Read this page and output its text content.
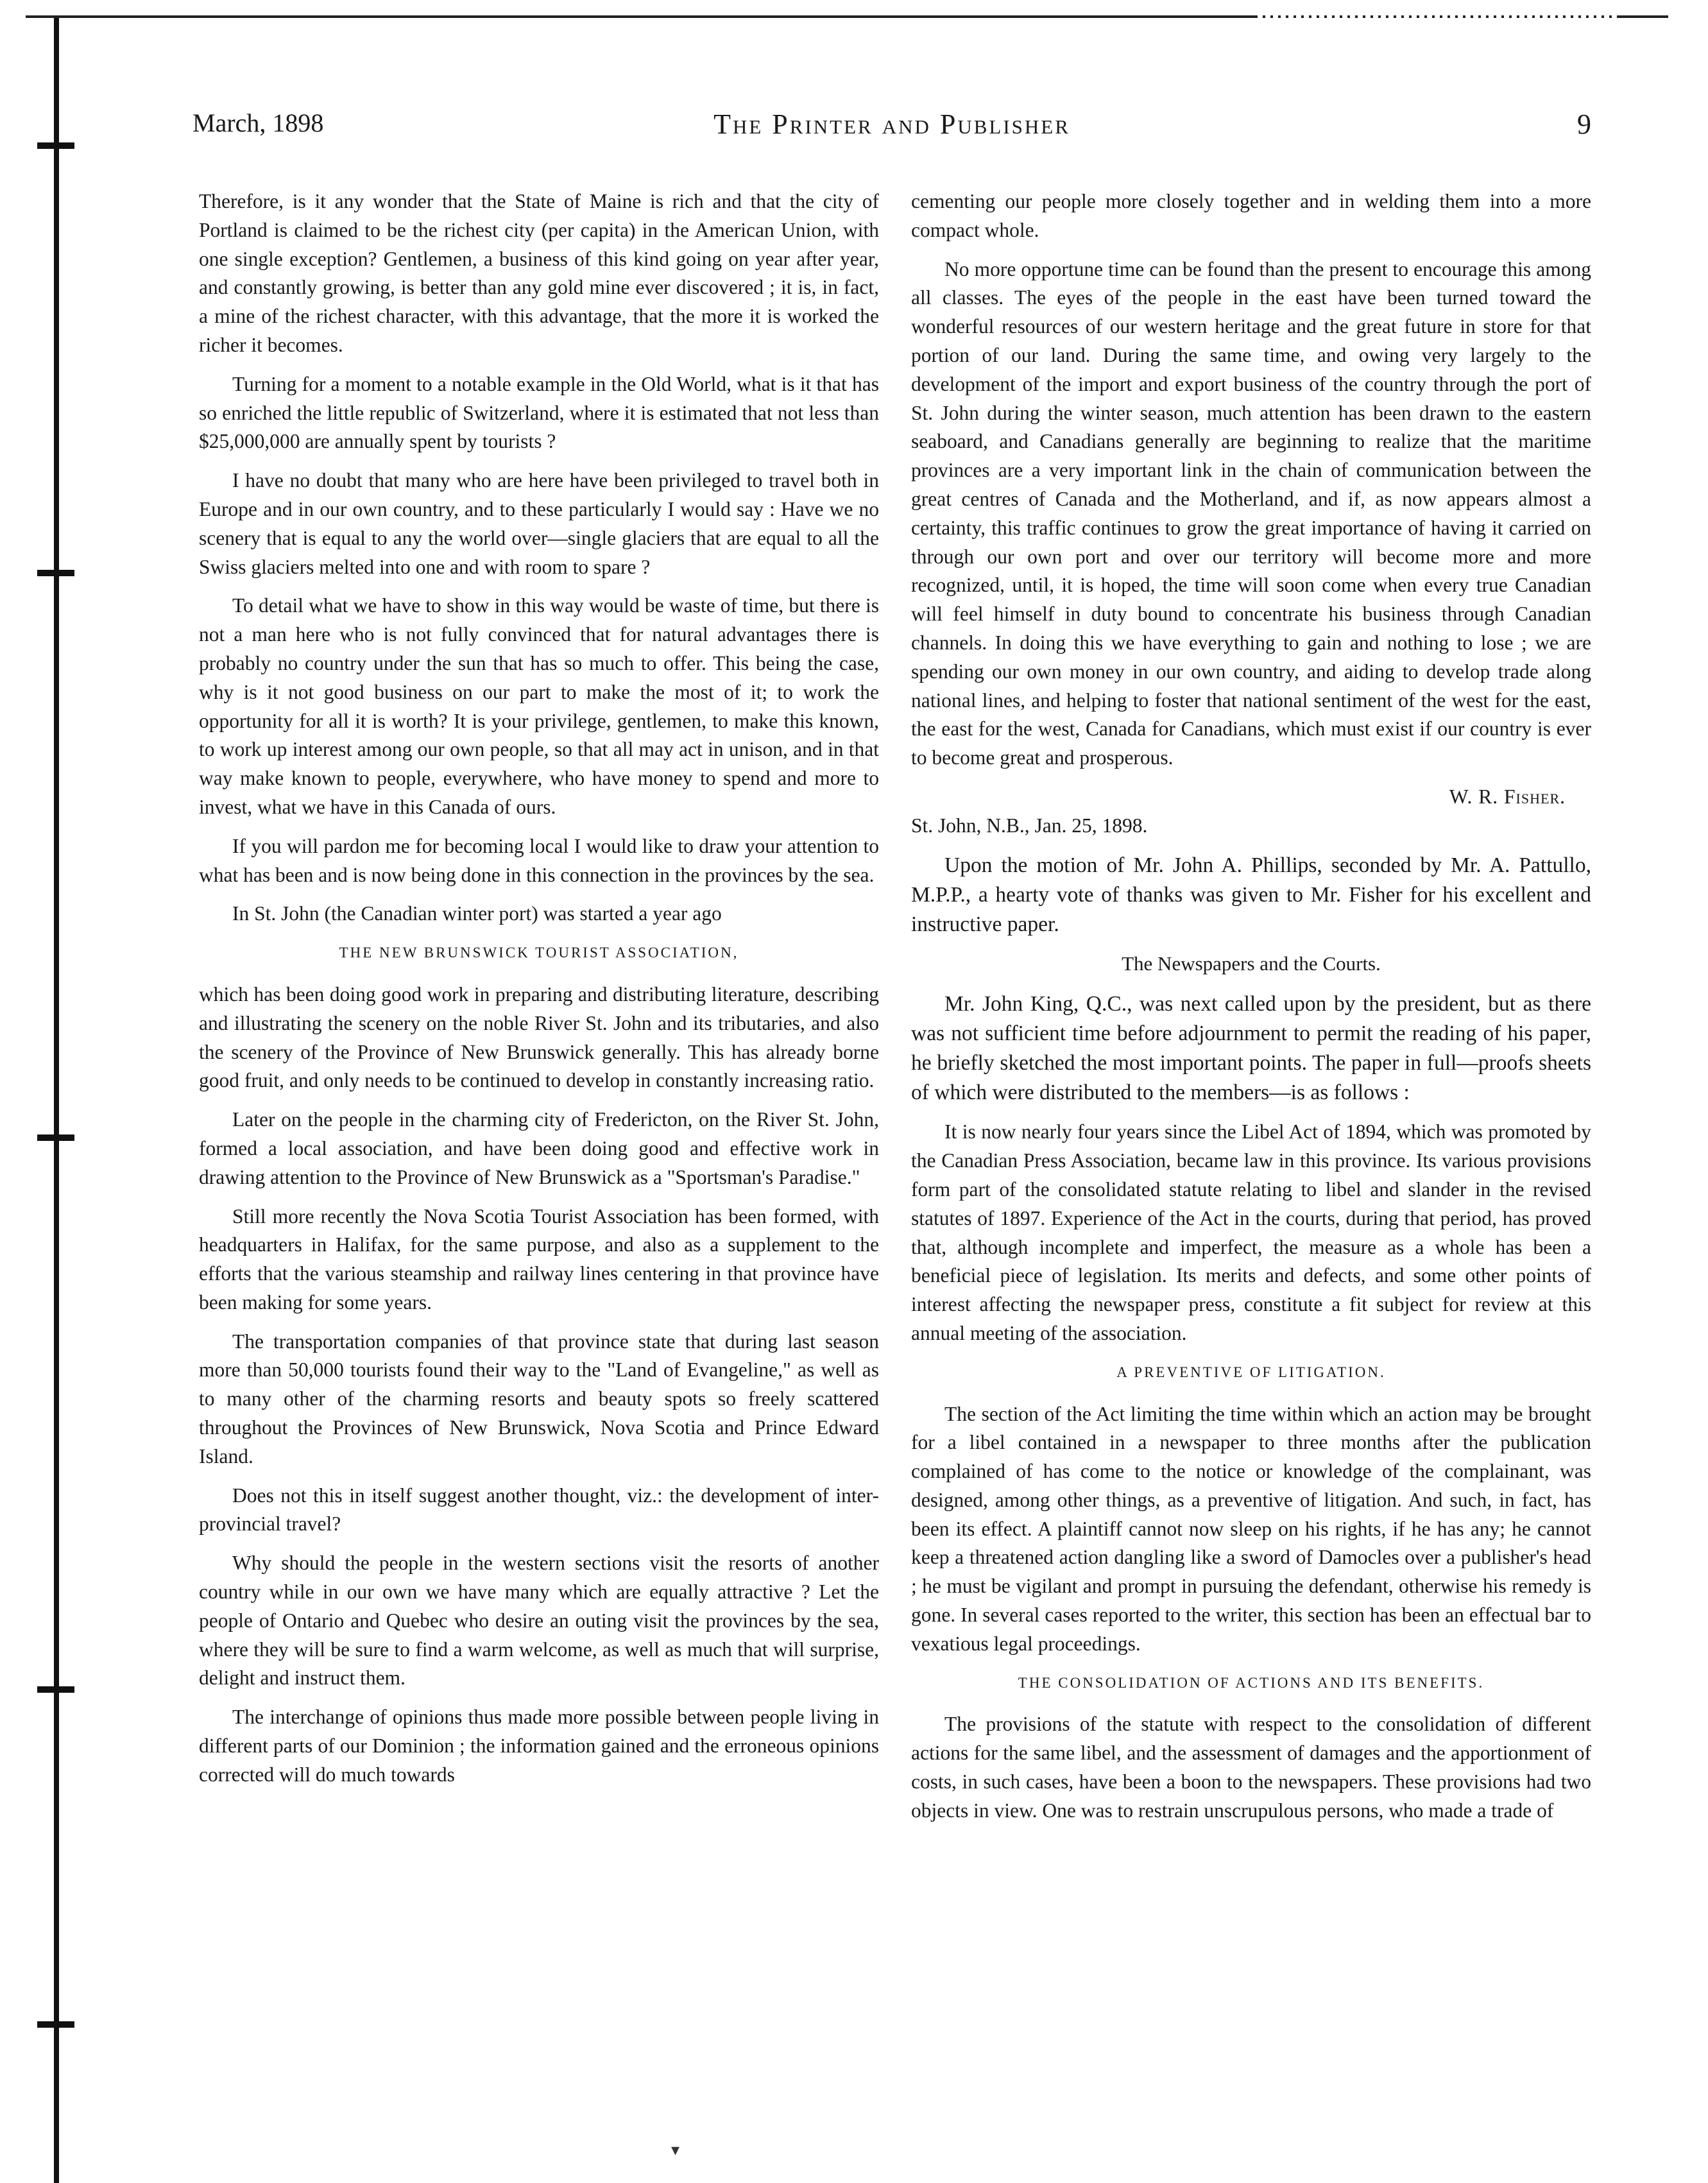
March, 1898	The Printer and Publisher	9

Therefore, is it any wonder that the State of Maine is rich and that the city of Portland is claimed to be the richest city (per capita) in the American Union, with one single exception? Gentlemen, a business of this kind going on year after year, and constantly growing, is better than any gold mine ever discovered ; it is, in fact, a mine of the richest character, with this advantage, that the more it is worked the richer it becomes.

Turning for a moment to a notable example in the Old World, what is it that has so enriched the little republic of Switzerland, where it is estimated that not less than $25,000,000 are annually spent by tourists ?

I have no doubt that many who are here have been privileged to travel both in Europe and in our own country, and to these particularly I would say : Have we no scenery that is equal to any the world over—single glaciers that are equal to all the Swiss glaciers melted into one and with room to spare ?

To detail what we have to show in this way would be waste of time, but there is not a man here who is not fully convinced that for natural advantages there is probably no country under the sun that has so much to offer. This being the case, why is it not good business on our part to make the most of it; to work the opportunity for all it is worth? It is your privilege, gentlemen, to make this known, to work up interest among our own people, so that all may act in unison, and in that way make known to people, everywhere, who have money to spend and more to invest, what we have in this Canada of ours.

If you will pardon me for becoming local I would like to draw your attention to what has been and is now being done in this connection in the provinces by the sea.

In St. John (the Canadian winter port) was started a year ago

THE NEW BRUNSWICK TOURIST ASSOCIATION,

which has been doing good work in preparing and distributing literature, describing and illustrating the scenery on the noble River St. John and its tributaries, and also the scenery of the Province of New Brunswick generally. This has already borne good fruit, and only needs to be continued to develop in constantly increasing ratio.

Later on the people in the charming city of Fredericton, on the River St. John, formed a local association, and have been doing good and effective work in drawing attention to the Province of New Brunswick as a "Sportsman's Paradise."

Still more recently the Nova Scotia Tourist Association has been formed, with headquarters in Halifax, for the same purpose, and also as a supplement to the efforts that the various steamship and railway lines centering in that province have been making for some years.

The transportation companies of that province state that during last season more than 50,000 tourists found their way to the "Land of Evangeline," as well as to many other of the charming resorts and beauty spots so freely scattered throughout the Provinces of New Brunswick, Nova Scotia and Prince Edward Island.

Does not this in itself suggest another thought, viz.: the development of inter-provincial travel?

Why should the people in the western sections visit the resorts of another country while in our own we have many which are equally attractive ? Let the people of Ontario and Quebec who desire an outing visit the provinces by the sea, where they will be sure to find a warm welcome, as well as much that will surprise, delight and instruct them.

The interchange of opinions thus made more possible between people living in different parts of our Dominion ; the information gained and the erroneous opinions corrected will do much towards

cementing our people more closely together and in welding them into a more compact whole.

No more opportune time can be found than the present to encourage this among all classes. The eyes of the people in the east have been turned toward the wonderful resources of our western heritage and the great future in store for that portion of our land. During the same time, and owing very largely to the development of the import and export business of the country through the port of St. John during the winter season, much attention has been drawn to the eastern seaboard, and Canadians generally are beginning to realize that the maritime provinces are a very important link in the chain of communication between the great centres of Canada and the Motherland, and if, as now appears almost a certainty, this traffic continues to grow the great importance of having it carried on through our own port and over our territory will become more and more recognized, until, it is hoped, the time will soon come when every true Canadian will feel himself in duty bound to concentrate his business through Canadian channels. In doing this we have everything to gain and nothing to lose ; we are spending our own money in our own country, and aiding to develop trade along national lines, and helping to foster that national sentiment of the west for the east, the east for the west, Canada for Canadians, which must exist if our country is ever to become great and prosperous.

W. R. Fisher.

St. John, N.B., Jan. 25, 1898.

Upon the motion of Mr. John A. Phillips, seconded by Mr. A. Pattullo, M.P.P., a hearty vote of thanks was given to Mr. Fisher for his excellent and instructive paper.

The Newspapers and the Courts.

Mr. John King, Q.C., was next called upon by the president, but as there was not sufficient time before adjournment to permit the reading of his paper, he briefly sketched the most important points. The paper in full—proofs sheets of which were distributed to the members—is as follows :

It is now nearly four years since the Libel Act of 1894, which was promoted by the Canadian Press Association, became law in this province. Its various provisions form part of the consolidated statute relating to libel and slander in the revised statutes of 1897. Experience of the Act in the courts, during that period, has proved that, although incomplete and imperfect, the measure as a whole has been a beneficial piece of legislation. Its merits and defects, and some other points of interest affecting the newspaper press, constitute a fit subject for review at this annual meeting of the association.

A PREVENTIVE OF LITIGATION.

The section of the Act limiting the time within which an action may be brought for a libel contained in a newspaper to three months after the publication complained of has come to the notice or knowledge of the complainant, was designed, among other things, as a preventive of litigation. And such, in fact, has been its effect. A plaintiff cannot now sleep on his rights, if he has any; he cannot keep a threatened action dangling like a sword of Damocles over a publisher's head ; he must be vigilant and prompt in pursuing the defendant, otherwise his remedy is gone. In several cases reported to the writer, this section has been an effectual bar to vexatious legal proceedings.

THE CONSOLIDATION OF ACTIONS AND ITS BENEFITS.

The provisions of the statute with respect to the consolidation of different actions for the same libel, and the assessment of damages and the apportionment of costs, in such cases, have been a boon to the newspapers. These provisions had two objects in view. One was to restrain unscrupulous persons, who made a trade of

▾
